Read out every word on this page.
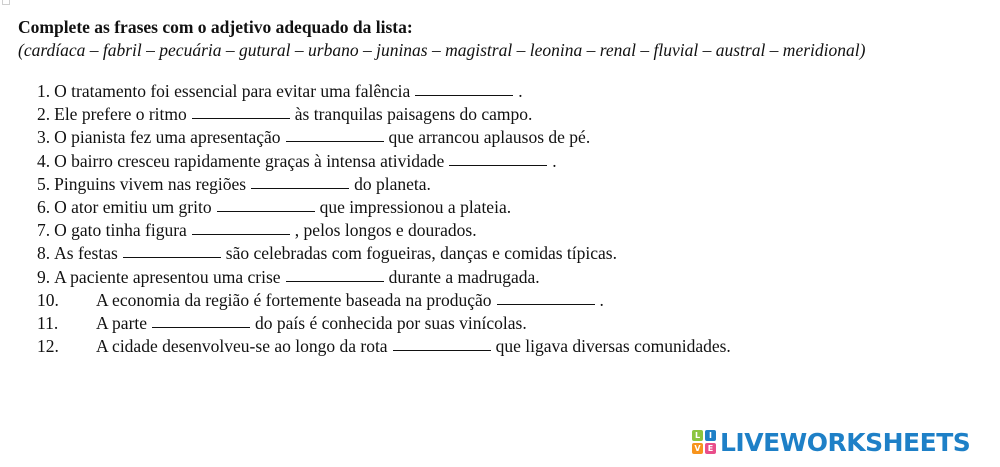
Complete as frases com o adjetivo adequado da lista:
(cardíaca – fabril – pecuária – gutural – urbano – juninas – magistral – leonina – renal – fluvial – austral – meridional)
1. O tratamento foi essencial para evitar uma falência	.
2. Ele prefere o ritmo	às tranquilas paisagens do campo.
3. O pianista fez uma apresentação	que arrancou aplausos de pé.
4. O bairro cresceu rapidamente graças à intensa atividade	.
5. Pinguins vivem nas regiões	do planeta.
6. O ator emitiu um grito	que impressionou a plateia.
7. O gato tinha figura	, pelos longos e dourados.
8. As festas	são celebradas com fogueiras, danças e comidas típicas.
9. A paciente apresentou uma crise	durante a madrugada.
10.	A economia da região é fortemente baseada na produção	.
11.	A parte	do país é conhecida por suas vinícolas.
12.	A cidade desenvolveu-se ao longo da rota	que ligava diversas comunidades.
L	I
V E LIVEWORKSHEETS
